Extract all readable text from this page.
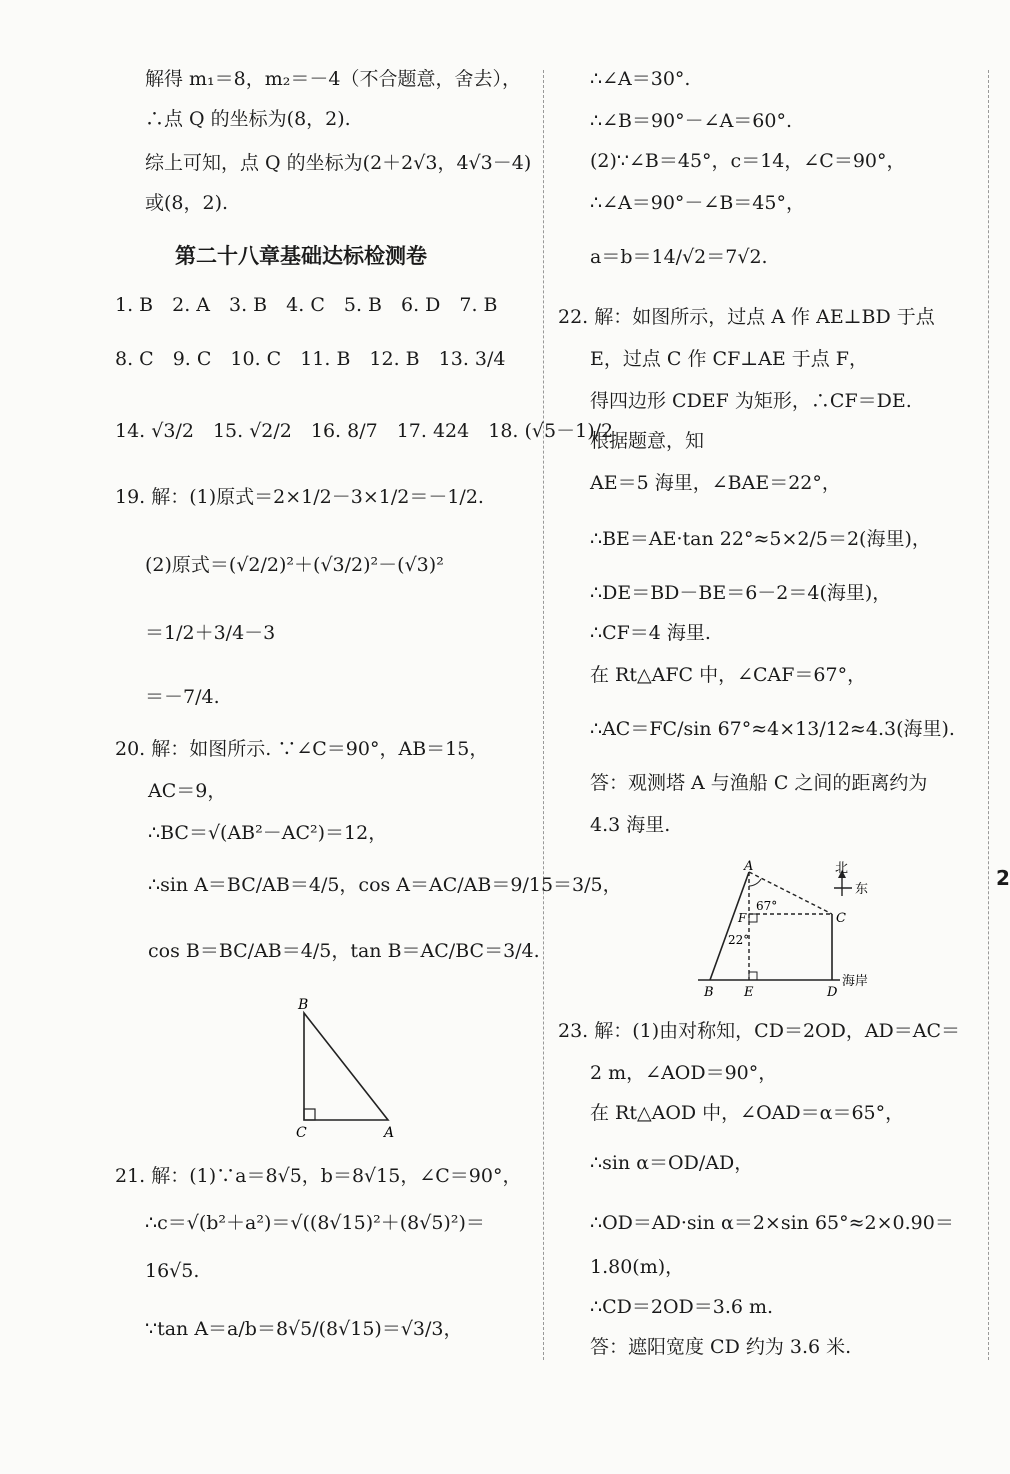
解得 m₁＝8，m₂＝－4（不合题意，舍去），
∴点 Q 的坐标为(8，2).
综上可知，点 Q 的坐标为(2＋2√3，4√3－4)
或(8，2).
1. B　2. A　3. B　4. C　5. B　6. D　7. B
8. C　9. C　10. C　11. B　12. B　13. 3/4
14. √3/2　15. √2/2　16. 8/7　17. 424　18. (√5－1)/2
19. 解：(1)原式＝2×1/2－3×1/2＝－1/2.
(2)原式＝(√2/2)²＋(√3/2)²－(√3)²
＝1/2＋3/4－3
＝－7/4.
20. 解：如图所示. ∵∠C＝90°，AB＝15，
AC＝9，
∴BC＝√(AB²－AC²)＝12，
∴sin A＝BC/AB＝4/5，cos A＝AC/AB＝9/15＝3/5，
cos B＝BC/AB＝4/5，tan B＝AC/BC＝3/4.
21. 解：(1)∵a＝8√5，b＝8√15，∠C＝90°，
∴c＝√(b²＋a²)＝√((8√15)²＋(8√5)²)＝
16√5.
∵tan A＝a/b＝8√5/(8√15)＝√3/3，
∴∠A＝30°.
∴∠B＝90°－∠A＝60°.
(2)∵∠B＝45°，c＝14，∠C＝90°，
∴∠A＝90°－∠B＝45°，
a＝b＝14/√2＝7√2.
22. 解：如图所示，过点 A 作 AE⊥BD 于点
E，过点 C 作 CF⊥AE 于点 F，
得四边形 CDEF 为矩形，∴CF＝DE.
根据题意，知
AE＝5 海里，∠BAE＝22°，
∴BE＝AE·tan 22°≈5×2/5＝2(海里)，
∴DE＝BD－BE＝6－2＝4(海里)，
∴CF＝4 海里.
在 Rt△AFC 中，∠CAF＝67°，
∴AC＝FC/sin 67°≈4×13/12≈4.3(海里).
答：观测塔 A 与渔船 C 之间的距离约为
4.3 海里.
23. 解：(1)由对称知，CD＝2OD，AD＝AC＝
2 m，∠AOD＝90°，
在 Rt△AOD 中，∠OAD＝α＝65°，
∴sin α＝OD/AD，
∴OD＝AD·sin α＝2×sin 65°≈2×0.90＝
1.80(m)，
∴CD＝2OD＝3.6 m.
答：遮阳宽度 CD 约为 3.6 米.
第二十八章基础达标检测卷
2
B
C	A
北
东
A
67°
F	C
22°
B E	D
海岸
